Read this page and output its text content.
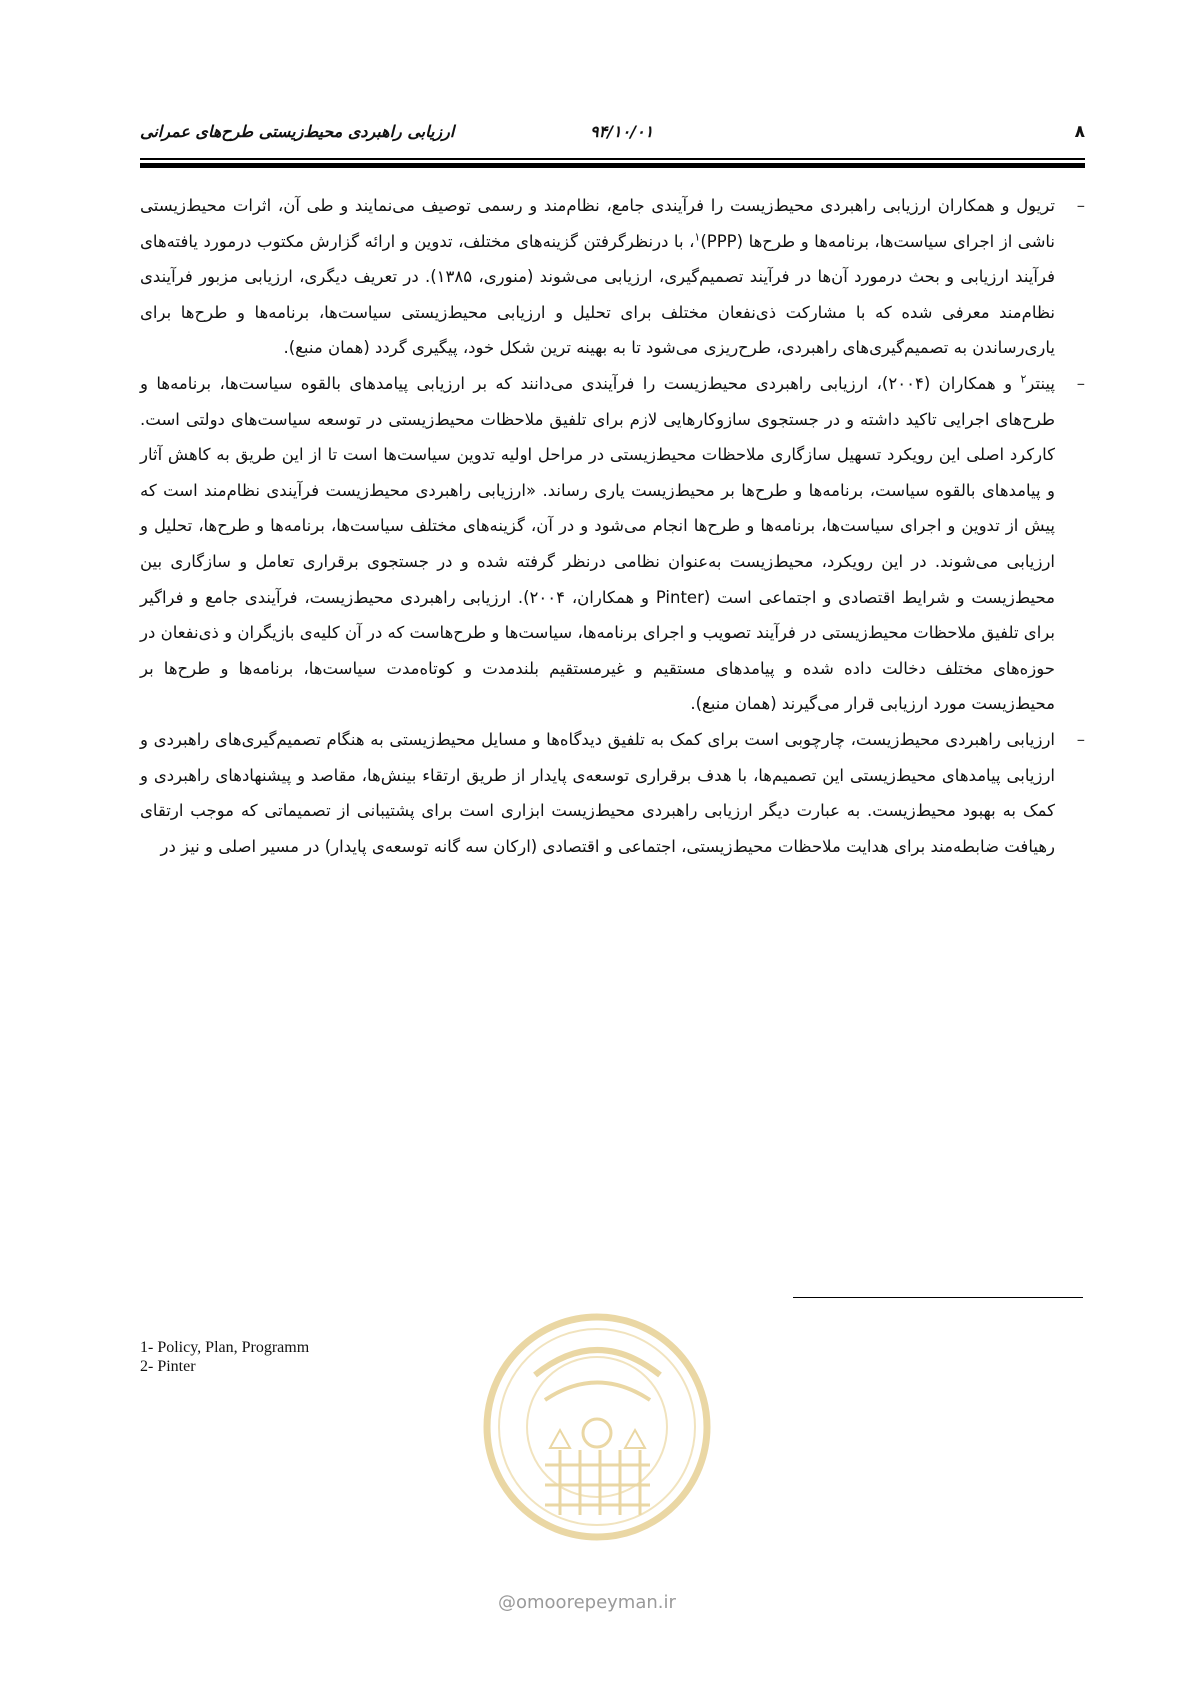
۸
۹۴/۱۰/۰۱
ارزیابی راهبردی محیط‌زیستی طرح‌های عمرانی
–

تریول و همکاران ارزیابی راهبردی محیط‌زیست را فرآیندی جامع، نظام‌مند و رسمی توصیف می‌نمایند و طی آن، اثرات محیط‌زیستی ناشی از اجرای سیاست‌ها، برنامه‌ها و طرح‌ها (PPP)$^۱$، با درنظرگرفتن گزینه‌های مختلف، تدوین و ارائه گزارش مکتوب درمورد یافته‌های فرآیند ارزیابی و بحث درمورد آن‌ها در فرآیند تصمیم‌گیری، ارزیابی می‌شوند (منوری، ۱۳۸۵). در تعریف دیگری، ارزیابی مزبور فرآیندی نظام‌مند معرفی شده که با مشارکت ذی‌نفعان مختلف برای تحلیل و ارزیابی محیط‌زیستی سیاست‌ها، برنامه‌ها و طرح‌ها برای یاری‌رساندن به تصمیم‌گیری‌های راهبردی، طرح‌ریزی می‌شود تا به بهینه ترین شکل خود، پیگیری گردد (همان منبع).

–

پینتر$^۲$ و همکاران (۲۰۰۴)، ارزیابی راهبردی محیط‌زیست را فرآیندی می‌دانند که بر ارزیابی پیامدهای بالقوه سیاست‌ها، برنامه‌ها و طرح‌های اجرایی تاکید داشته و در جستجوی سازوکارهایی لازم برای تلفیق ملاحظات محیط‌زیستی در توسعه سیاست‌های دولتی است. کارکرد اصلی این رویکرد تسهیل سازگاری ملاحظات محیط‌زیستی در مراحل اولیه تدوین سیاست‌ها است تا از این طریق به کاهش آثار و پیامدهای بالقوه سیاست، برنامه‌ها و طرح‌ها بر محیط‌زیست یاری رساند. «ارزیابی راهبردی محیط‌زیست فرآیندی نظام‌مند است که پیش از تدوین و اجرای سیاست‌ها، برنامه‌ها و طرح‌ها انجام می‌شود و در آن، گزینه‌های مختلف سیاست‌ها، برنامه‌ها و طرح‌ها، تحلیل و ارزیابی می‌شوند. در این رویکرد، محیط‌زیست به‌عنوان نظامی درنظر گرفته شده و در جستجوی برقراری تعامل و سازگاری بین محیط‌زیست و شرایط اقتصادی و اجتماعی است (Pinter و همکاران، ۲۰۰۴). ارزیابی راهبردی محیط‌زیست، فرآیندی جامع و فراگیر برای تلفیق ملاحظات محیط‌زیستی در فرآیند تصویب و اجرای برنامه‌ها، سیاست‌ها و طرح‌هاست که در آن کلیه‌ی بازیگران و ذی‌نفعان در حوزه‌های مختلف دخالت داده شده و پیامدهای مستقیم و غیرمستقیم بلندمدت و کوتاه‌مدت سیاست‌ها، برنامه‌ها و طرح‌ها بر محیط‌زیست مورد ارزیابی قرار می‌گیرند (همان منبع).

–

ارزیابی راهبردی محیط‌زیست، چارچوبی است برای کمک به تلفیق دیدگاه‌ها و مسایل محیط‌زیستی به هنگام تصمیم‌گیری‌های راهبردی و ارزیابی پیامدهای محیط‌زیستی این تصمیم‌ها، با هدف برقراری توسعه‌ی پایدار از طریق ارتقاء بینش‌ها، مقاصد و پیشنهادهای راهبردی و کمک به بهبود محیط‌زیست. به عبارت دیگر ارزیابی راهبردی محیط‌زیست ابزاری است برای پشتیبانی از تصمیماتی که موجب ارتقای رهیافت ضابطه‌مند برای هدایت ملاحظات محیط‌زیستی، اجتماعی و اقتصادی (ارکان سه گانه توسعه‌ی پایدار) در مسیر اصلی و نیز در

1- Policy, Plan, Programm
2- Pinter
@omoorepeyman.ir
